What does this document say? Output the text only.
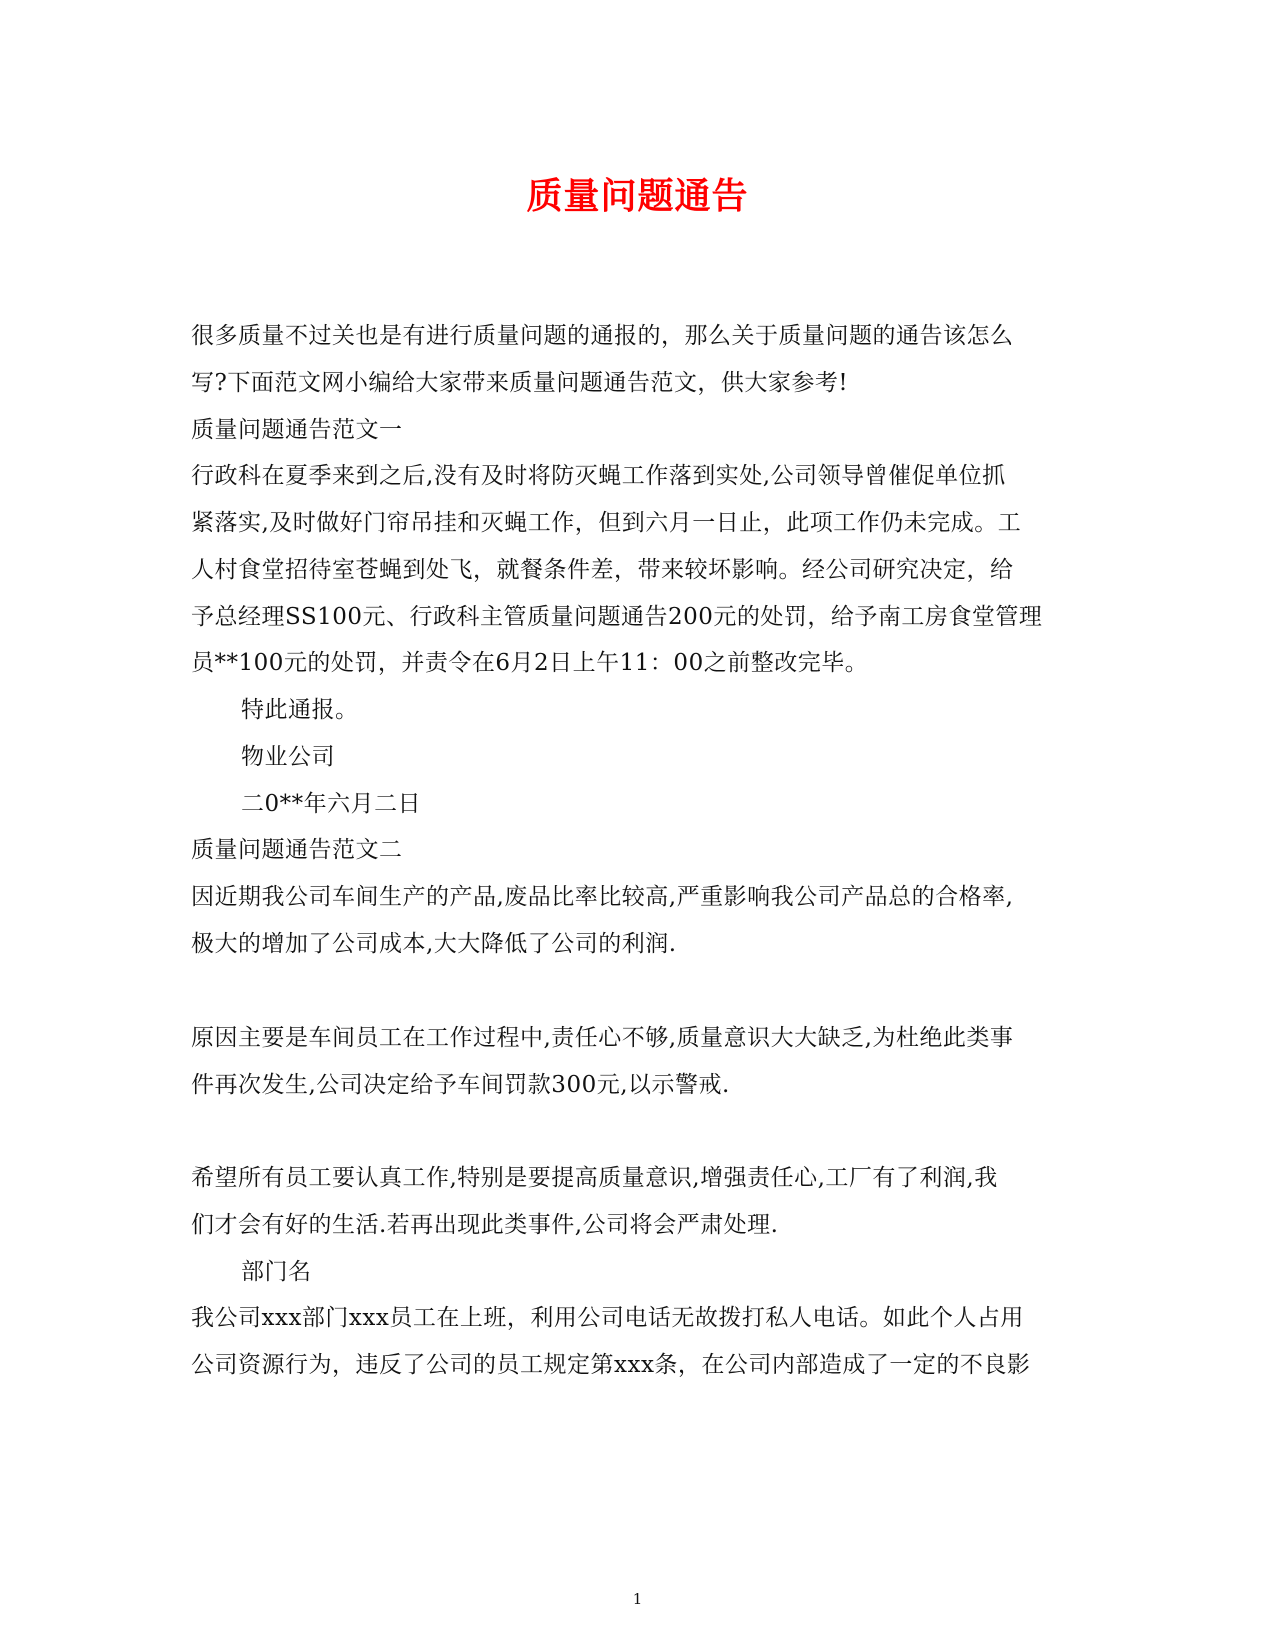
质量问题通告
很多质量不过关也是有进行质量问题的通报的，那么关于质量问题的通告该怎么
写?下面范文网小编给大家带来质量问题通告范文，供大家参考!
质量问题通告范文一
行政科在夏季来到之后,没有及时将防灭蝇工作落到实处,公司领导曾催促单位抓
紧落实,及时做好门帘吊挂和灭蝇工作，但到六月一日止，此项工作仍未完成。工
人村食堂招待室苍蝇到处飞，就餐条件差，带来较坏影响。经公司研究决定，给
予总经理SS100元、行政科主管质量问题通告200元的处罚，给予南工房食堂管理
员**100元的处罚，并责令在6月2日上午11：00之前整改完毕。
特此通报。
物业公司
二0**年六月二日
质量问题通告范文二
因近期我公司车间生产的产品,废品比率比较高,严重影响我公司产品总的合格率,
极大的增加了公司成本,大大降低了公司的利润.
原因主要是车间员工在工作过程中,责任心不够,质量意识大大缺乏,为杜绝此类事
件再次发生,公司决定给予车间罚款300元,以示警戒.
希望所有员工要认真工作,特别是要提高质量意识,增强责任心,工厂有了利润,我
们才会有好的生活.若再出现此类事件,公司将会严肃处理.
部门名
我公司xxx部门xxx员工在上班，利用公司电话无故拨打私人电话。如此个人占用
公司资源行为，违反了公司的员工规定第xxx条，在公司内部造成了一定的不良影
1
